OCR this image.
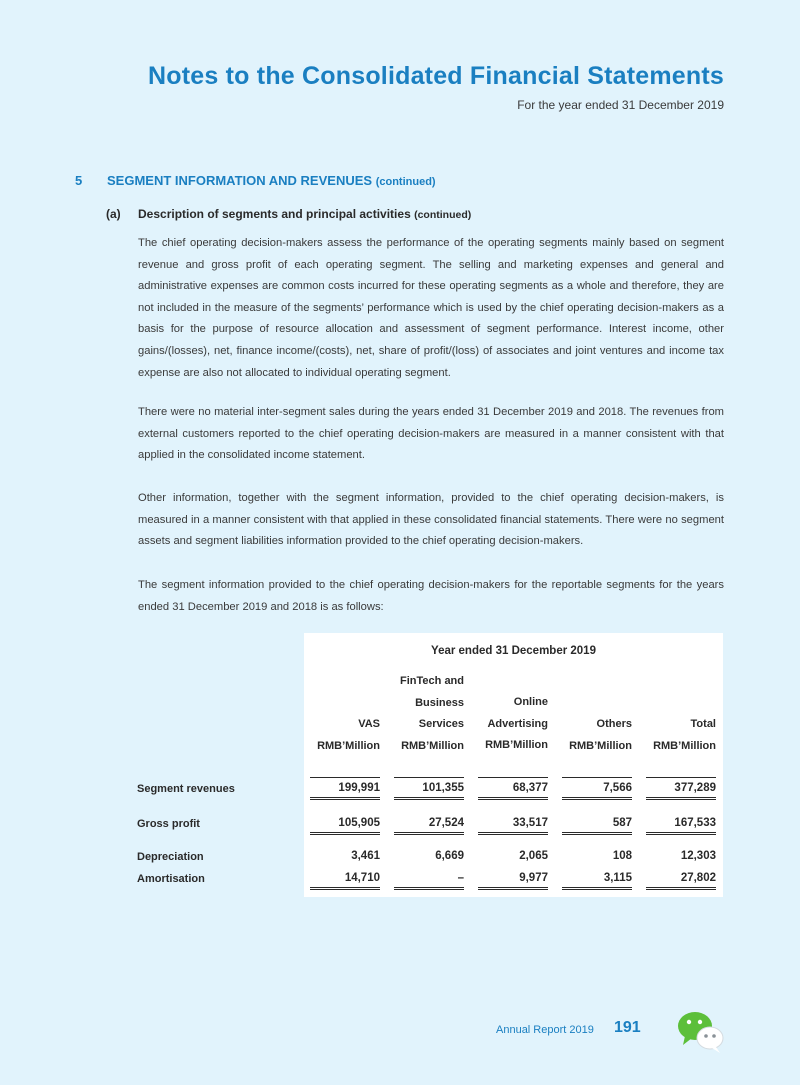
Notes to the Consolidated Financial Statements
For the year ended 31 December 2019
5 SEGMENT INFORMATION AND REVENUES (continued)
(a) Description of segments and principal activities (continued)

The chief operating decision-makers assess the performance of the operating segments mainly based on segment revenue and gross profit of each operating segment. The selling and marketing expenses and general and administrative expenses are common costs incurred for these operating segments as a whole and therefore, they are not included in the measure of the segments’ performance which is used by the chief operating decision-makers as a basis for the purpose of resource allocation and assessment of segment performance. Interest income, other gains/(losses), net, finance income/(costs), net, share of profit/(loss) of associates and joint ventures and income tax expense are also not allocated to individual operating segment.

There were no material inter-segment sales during the years ended 31 December 2019 and 2018. The revenues from external customers reported to the chief operating decision-makers are measured in a manner consistent with that applied in the consolidated income statement.

Other information, together with the segment information, provided to the chief operating decision-makers, is measured in a manner consistent with that applied in these consolidated financial statements. There were no segment assets and segment liabilities information provided to the chief operating decision-makers.

The segment information provided to the chief operating decision-makers for the reportable segments for the years ended 31 December 2019 and 2018 is as follows:

Year ended 31 December 2019
VAS
RMB’Million
FinTech and
Business
Services
RMB’Million
Online
Advertising
RMB’Million
Others
RMB’Million
Total
RMB’Million
Segment revenues	199,991	101,355	68,377	7,566	377,289
Gross profit	105,905	27,524	33,517	587	167,533
Depreciation	3,461	6,669	2,065	108	12,303
Amortisation	14,710	–	9,977	3,115	27,802
Annual Report 2019 191
